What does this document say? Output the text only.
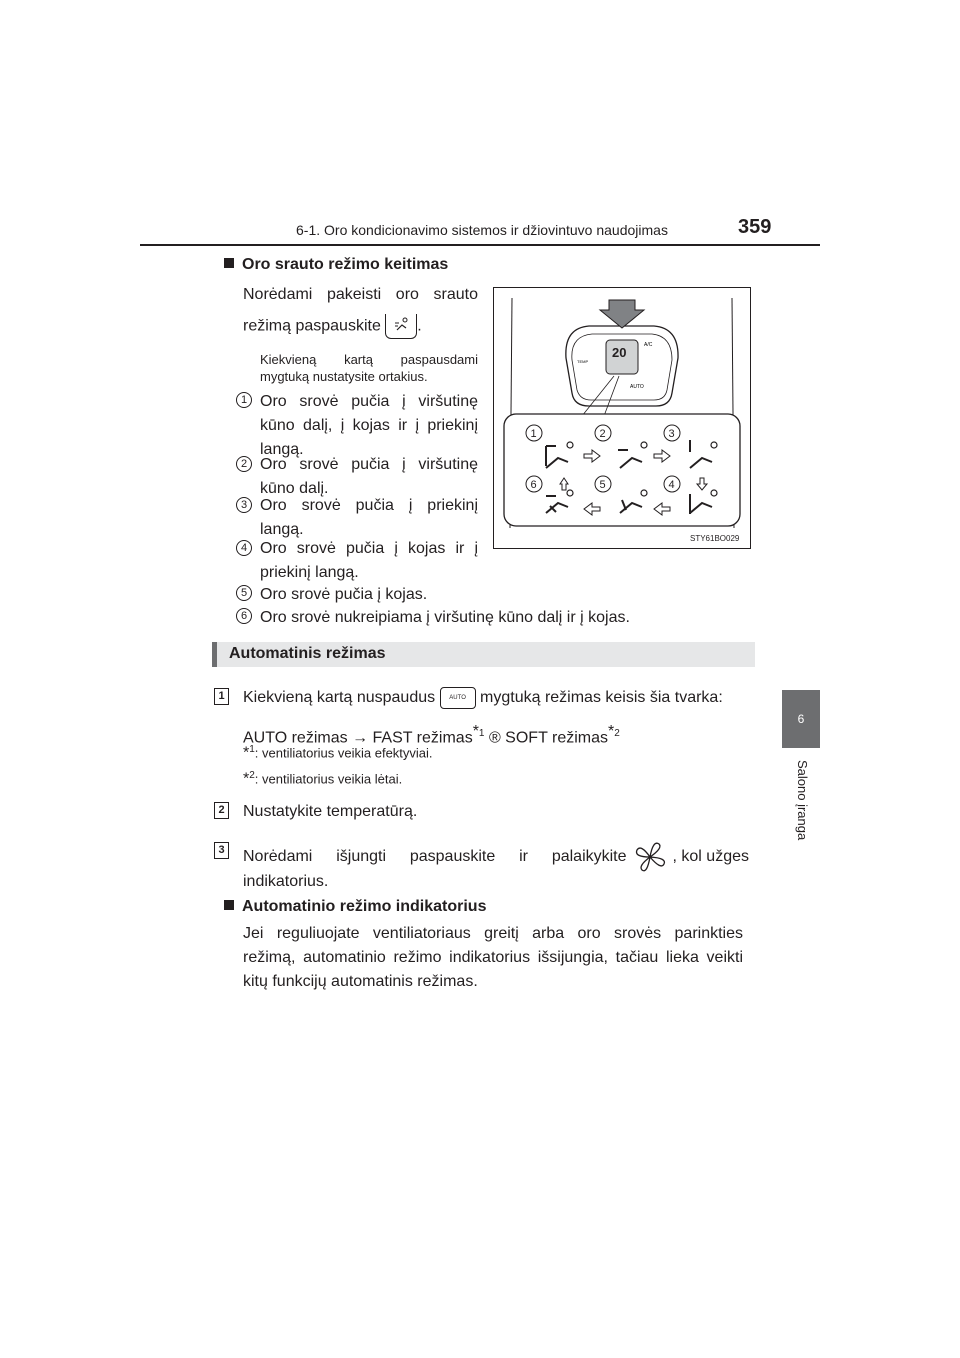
6-1. Oro kondicionavimo sistemos ir džiovintuvo naudojimas	359
6
Salono įranga
Oro srauto režimo keitimas
Norėdami pakeisti oro srauto
režimą paspauskite .
Kiekvieną kartą paspausdami
mygtuką nustatysite ortakius.
1 Oro srovė pučia į viršutinę
kūno dalį, į kojas ir į priekinį
langą.
2 Oro srovė pučia į viršutinę
kūno dalį.
3 Oro srovė pučia į priekinį
langą.
4 Oro srovė pučia į kojas ir į
priekinį langą.
5 Oro srovė pučia į kojas.
6 Oro srovė nukreipiama į viršutinę kūno dalį ir į kojas.
20	A/C
TEMP
AUTO
1	2	3
6	5	4
STY61BO029
Automatinis režimas
1 Kiekvieną kartą nuspaudus AUTO mygtuką režimas keisis šia tvarka:
AUTO režimas → FAST režimas$^{*1}$ ® SOFT režimas$^{*2}$
*$^1$: ventiliatorius veikia efektyviai.
*$^2$: ventiliatorius veikia lėtai.
2 Nustatykite temperatūrą.
3 Norėdami išjungti paspauskite ir palaikykite	, kol užges
indikatorius.
Automatinio režimo indikatorius
Jei reguliuojate ventiliatoriaus greitį arba oro srovės parinkties
režimą, automatinio režimo indikatorius išsijungia, tačiau lieka veikti
kitų funkcijų automatinis režimas.
